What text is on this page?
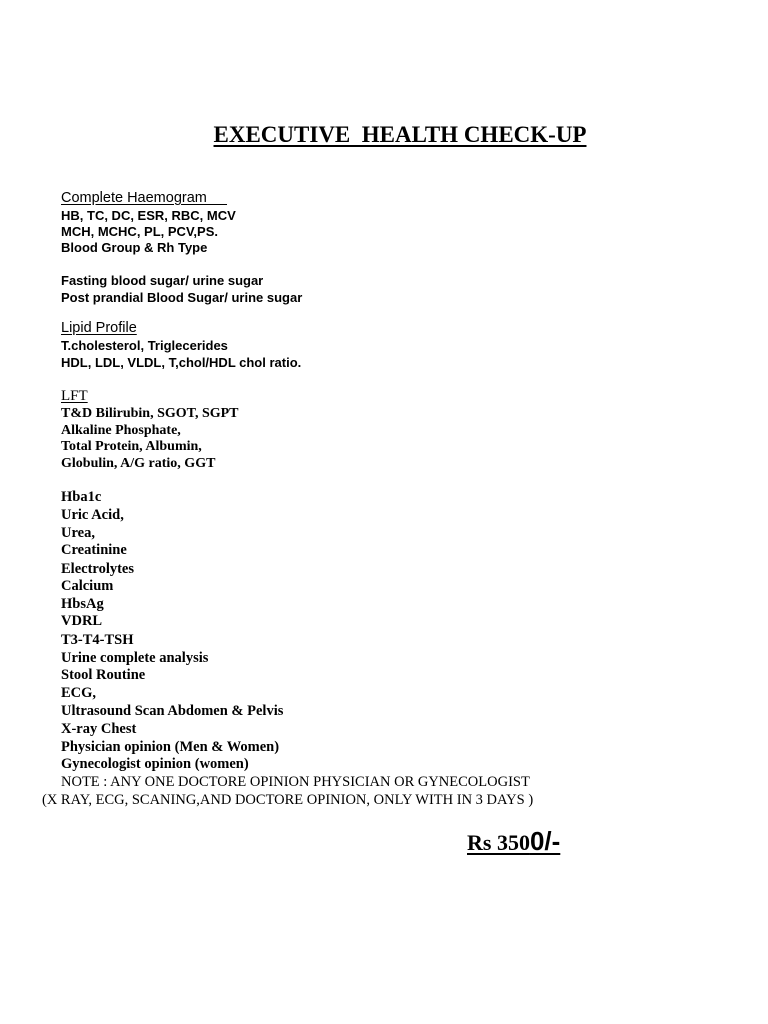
EXECUTIVE  HEALTH CHECK-UP
Complete Haemogram
HB, TC, DC, ESR, RBC, MCV
MCH, MCHC, PL, PCV,PS.
Blood Group & Rh Type
Fasting blood sugar/ urine sugar
Post prandial Blood Sugar/ urine sugar
Lipid Profile
T.cholesterol, Triglecerides
HDL, LDL, VLDL, T,chol/HDL chol ratio.
LFT
T&D Bilirubin, SGOT, SGPT
Alkaline Phosphate,
Total Protein, Albumin,
Globulin, A/G ratio, GGT
Hba1c
Uric Acid,
Urea,
Creatinine
Electrolytes
Calcium
HbsAg
VDRL
T3-T4-TSH
Urine complete analysis
Stool Routine
ECG,
Ultrasound Scan Abdomen & Pelvis
X-ray Chest
Physician opinion (Men & Women)
Gynecologist opinion (women)
NOTE : ANY ONE DOCTORE OPINION PHYSICIAN OR GYNECOLOGIST
(X RAY, ECG, SCANING,AND DOCTORE OPINION, ONLY WITH IN 3 DAYS )
Rs 3500/-
